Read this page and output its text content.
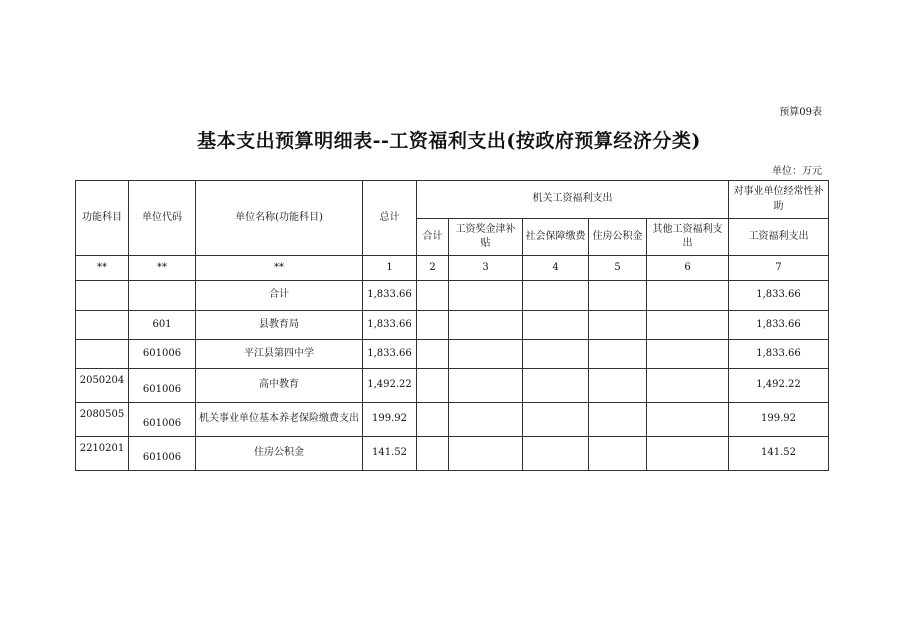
预算09表
基本支出预算明细表--工资福利支出(按政府预算经济分类)
单位：万元
功能科目	单位代码	单位名称(功能科目)	总计	机关工资福利支出					对事业单位经常性补助
				合计	工资奖金津补贴	社会保障缴费	住房公积金	其他工资福利支出	工资福利支出
**	**	**	1	2	3	4	5	6	7
		合计	1,833.66						1,833.66
	601	县教育局	1,833.66						1,833.66
	601006	平江县第四中学	1,833.66						1,833.66

2050204	601006	高中教育	1,492.22						1,492.22

2080505	601006	机关事业单位基本养老保险缴费支出	199.92						199.92

2210201	601006	住房公积金	141.52						141.52
